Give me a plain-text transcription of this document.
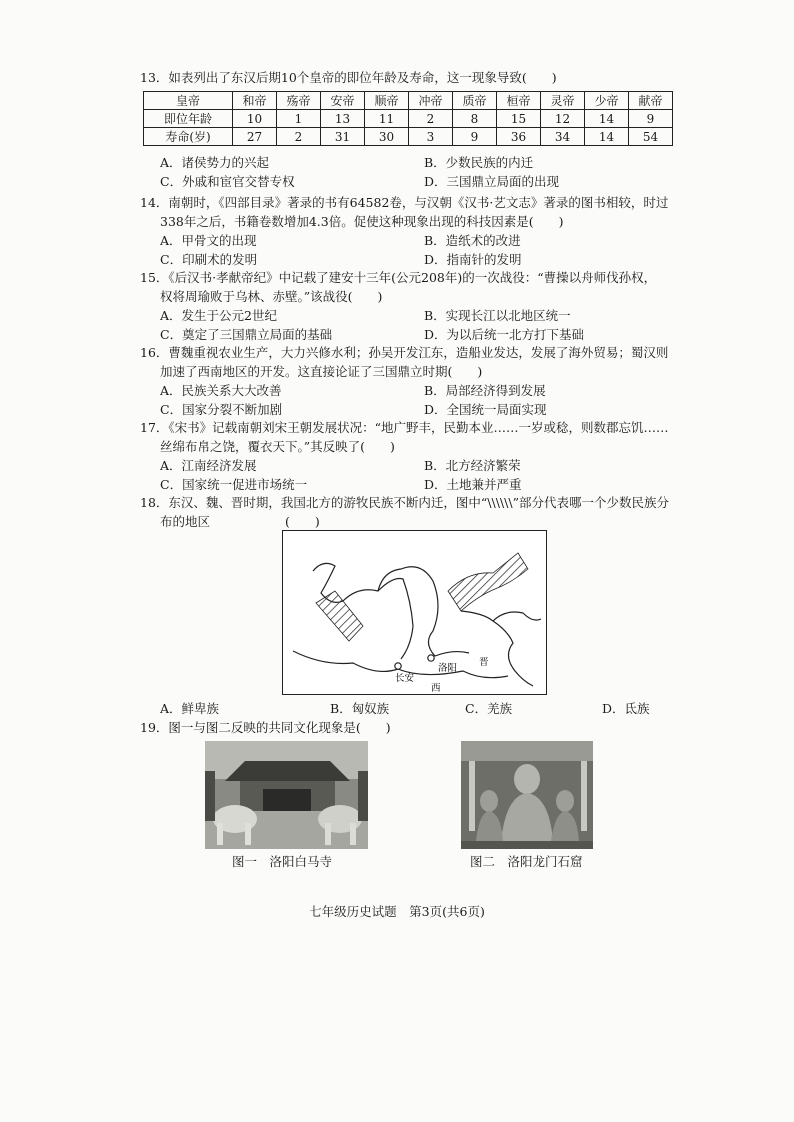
13．如表列出了东汉后期10个皇帝的即位年龄及寿命，这一现象导致(　　)
皇帝	和帝	殇帝	安帝	顺帝	冲帝	质帝	桓帝	灵帝	少帝	献帝
即位年龄	10	1	13	11	2	8	15	12	14	9
寿命(岁)	27	2	31	30	3	9	36	34	14	54
A．诸侯势力的兴起	B．少数民族的内迁
C．外戚和宦官交替专权	D．三国鼎立局面的出现
14．南朝时，《四部目录》著录的书有64582卷，与汉朝《汉书·艺文志》著录的图书相较，时过
338年之后，书籍卷数增加4.3倍。促使这种现象出现的科技因素是(　　)
A．甲骨文的出现	B．造纸术的改进
C．印刷术的发明	D．指南针的发明
15．《后汉书·孝献帝纪》中记载了建安十三年(公元208年)的一次战役：“曹操以舟师伐孙权，
权将周瑜败于乌林、赤壁。”该战役(　　)
A．发生于公元2世纪	B．实现长江以北地区统一
C．奠定了三国鼎立局面的基础	D．为以后统一北方打下基础
16．曹魏重视农业生产，大力兴修水利；孙吴开发江东，造船业发达，发展了海外贸易；蜀汉则
加速了西南地区的开发。这直接论证了三国鼎立时期(　　)
A．民族关系大大改善	B．局部经济得到发展
C．国家分裂不断加剧	D．全国统一局面实现
17．《宋书》记载南朝刘宋王朝发展状况：“地广野丰，民勤本业……一岁或稔，则数郡忘饥……
丝绵布帛之饶，覆衣天下。”其反映了(　　)
A．江南经济发展	B．北方经济繁荣
C．国家统一促进市场统一	D．土地兼并严重
18．东汉、魏、晋时期，我国北方的游牧民族不断内迁，图中“\\\\\\”部分代表哪一个少数民族分
布的地区　　　　　　(　　)
长安
洛阳
晋
西
A．鲜卑族	B．匈奴族	C．羌族	D．氐族
19．图一与图二反映的共同文化现象是(　　)
图一　洛阳白马寺	图二　洛阳龙门石窟
七年级历史试题　第3页(共6页)
